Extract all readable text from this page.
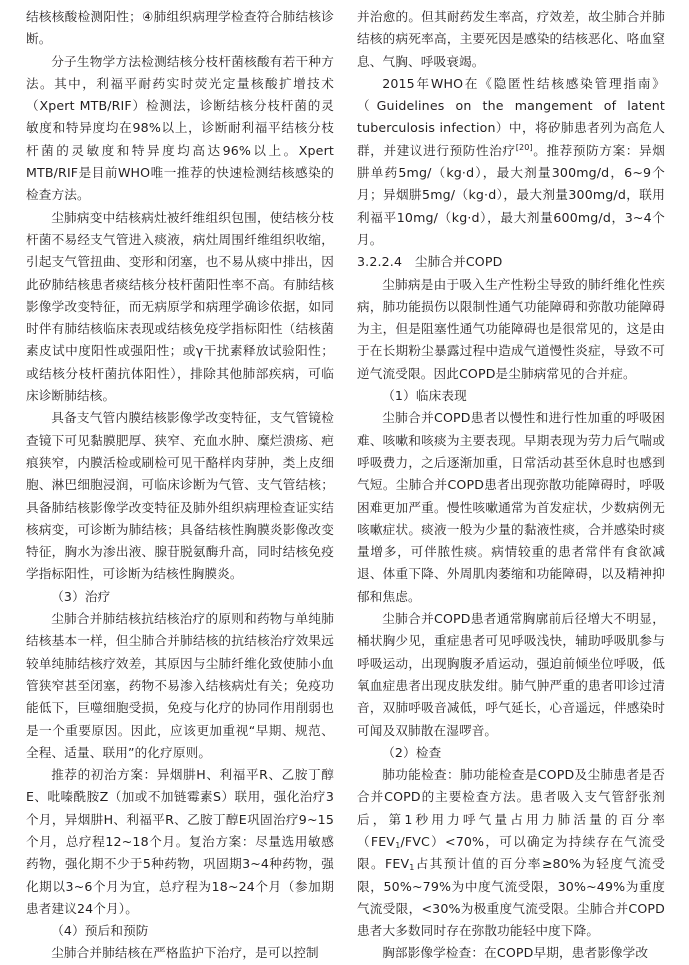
结核核酸检测阳性；④肺组织病理学检查符合肺结核诊断。

分子生物学方法检测结核分枝杆菌核酸有若干种方法。其中，利福平耐药实时荧光定量核酸扩增技术（Xpert MTB/RIF）检测法，诊断结核分枝杆菌的灵敏度和特异度均在98%以上，诊断耐利福平结核分枝杆菌的灵敏度和特异度均高达96%以上。Xpert MTB/RIF是目前WHO唯一推荐的快速检测结核感染的检查方法。

尘肺病变中结核病灶被纤维组织包围，使结核分枝杆菌不易经支气管进入痰液，病灶周围纤维组织收缩，引起支气管扭曲、变形和闭塞，也不易从痰中排出，因此矽肺结核患者痰结核分枝杆菌阳性率不高。有肺结核影像学改变特征，而无病原学和病理学确诊依据，如同时伴有肺结核临床表现或结核免疫学指标阳性（结核菌素皮试中度阳性或强阳性；或γ干扰素释放试验阳性；或结核分枝杆菌抗体阳性），排除其他肺部疾病，可临床诊断肺结核。

具备支气管内膜结核影像学改变特征，支气管镜检查镜下可见黏膜肥厚、狭窄、充血水肿、糜烂溃疡、疤痕狭窄，内膜活检或刷检可见干酪样肉芽肿，类上皮细胞、淋巴细胞浸润，可临床诊断为气管、支气管结核；具备肺结核影像学改变特征及肺外组织病理检查证实结核病变，可诊断为肺结核；具备结核性胸膜炎影像改变特征，胸水为渗出液、腺苷脱氨酶升高，同时结核免疫学指标阳性，可诊断为结核性胸膜炎。

（3）治疗

尘肺合并肺结核抗结核治疗的原则和药物与单纯肺结核基本一样，但尘肺合并肺结核的抗结核治疗效果远较单纯肺结核疗效差，其原因与尘肺纤维化致使肺小血管狭窄甚至闭塞，药物不易渗入结核病灶有关；免疫功能低下，巨噬细胞受损，免疫与化疗的协同作用削弱也是一个重要原因。因此，应该更加重视“早期、规范、全程、适量、联用”的化疗原则。

推荐的初治方案：异烟肼H、利福平R、乙胺丁醇E、吡嗪酰胺Z（加或不加链霉素S）联用，强化治疗3个月，异烟肼H、利福平R、乙胺丁醇E巩固治疗9~15个月，总疗程12~18个月。复治方案：尽量选用敏感药物，强化期不少于5种药物，巩固期3~4种药物，强化期以3~6个月为宜，总疗程为18~24个月（参加期患者建议24个月）。

（4）预后和预防

尘肺合并肺结核在严格监护下治疗，是可以控制

并治愈的。但其耐药发生率高，疗效差，故尘肺合并肺结核的病死率高，主要死因是感染的结核恶化、咯血窒息、气胸、呼吸衰竭。

2015年WHO在《隐匿性结核感染管理指南》（Guidelines on the mangement of latent tuberculosis infection）中，将矽肺患者列为高危人群，并建议进行预防性治疗[20]。推荐预防方案：异烟肼单药5mg/（kg·d），最大剂量300mg/d，6~9个月；异烟肼5mg/（kg·d），最大剂量300mg/d，联用利福平10mg/（kg·d），最大剂量600mg/d，3~4个月。

3.2.2.4　尘肺合并COPD

尘肺病是由于吸入生产性粉尘导致的肺纤维化性疾病，肺功能损伤以限制性通气功能障碍和弥散功能障碍为主，但是阻塞性通气功能障碍也是很常见的，这是由于在长期粉尘暴露过程中造成气道慢性炎症，导致不可逆气流受限。因此COPD是尘肺病常见的合并症。

（1）临床表现

尘肺合并COPD患者以慢性和进行性加重的呼吸困难、咳嗽和咳痰为主要表现。早期表现为劳力后气喘或呼吸费力，之后逐渐加重，日常活动甚至休息时也感到气短。尘肺合并COPD患者出现弥散功能障碍时，呼吸困难更加严重。慢性咳嗽通常为首发症状，少数病例无咳嗽症状。痰液一般为少量的黏液性痰，合并感染时痰量增多，可伴脓性痰。病情较重的患者常伴有食欲减退、体重下降、外周肌肉萎缩和功能障碍，以及精神抑郁和焦虑。

尘肺合并COPD患者通常胸廓前后径增大不明显，桶状胸少见，重症患者可见呼吸浅快，辅助呼吸肌参与呼吸运动，出现胸腹矛盾运动，强迫前倾坐位呼吸，低氧血症患者出现皮肤发绀。肺气肿严重的患者叩诊过清音，双肺呼吸音减低，呼气延长，心音遥远，伴感染时可闻及双肺散在湿啰音。

（2）检查

肺功能检查：肺功能检查是COPD及尘肺患者是否合并COPD的主要检查方法。患者吸入支气管舒张剂后，第1秒用力呼气量占用力肺活量的百分率$(FEV_1/FVC)<70\%$，可以确定为持续存在气流受限。$FEV_1$占其预计值的百分率≥80%为轻度气流受限，50%~79%为中度气流受限，30%~49%为重度气流受限，<30%为极重度气流受限。尘肺合并COPD患者大多数同时存在弥散功能轻中度下降。

胸部影像学检查：在COPD早期，患者影像学改
